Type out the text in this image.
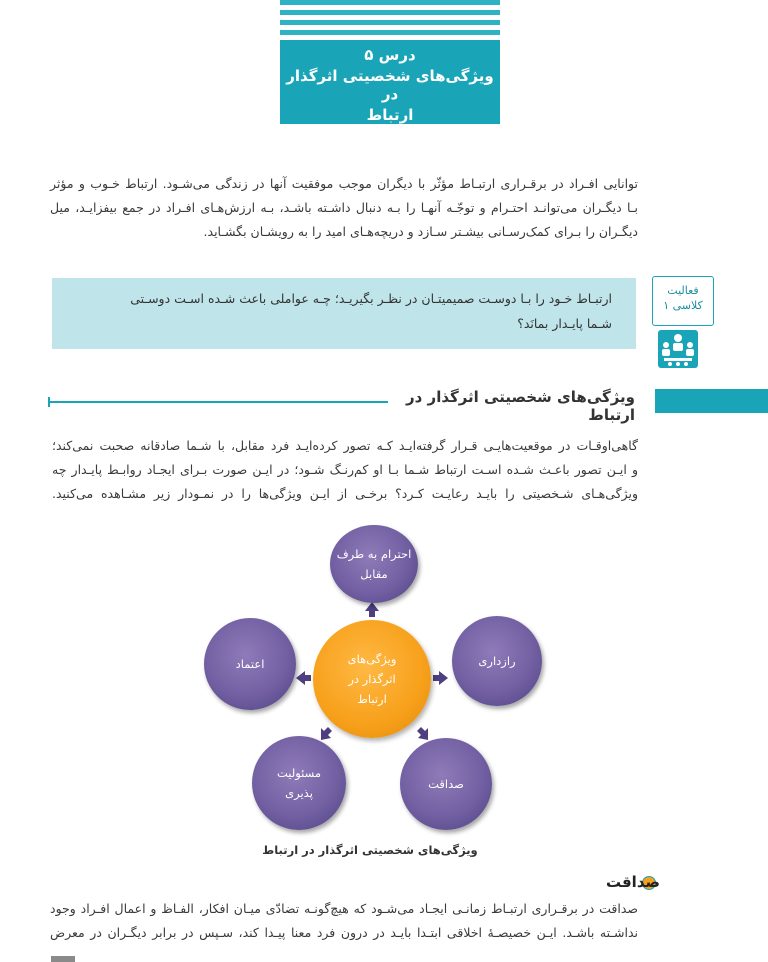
درس ۵
ویژگی‌های شخصیتی اثرگذار در
ارتباط
توانایی افـراد در برقـراری ارتبـاط مؤثّر با دیگران موجب موفقیت آنها در زندگی می‌شـود. ارتباط خـوب و مؤثر
بـا دیگـران می‌توانـد احتـرام و توجّـه آنهـا را بـه دنبال داشـته باشـد، بـه ارزش‌هـای افـراد در جمع بیفزایـد، میل
دیگـران را بـرای کمک‌رسـانی بیشـتر سـازد و دریچه‌هـای امید را به رویشـان بگشـاید.
ارتبـاط خـود را بـا دوسـت صمیمیتـان در نظـر بگیریـد؛ چـه عواملی باعث شـده اسـت دوسـتی
شـما پایـدار بمانَد؟
فعالیت
کلاسی ۱
ویژگی‌های شخصیتی اثرگذار در ارتباط
گاهی‌اوقـات در موقعیت‌هایـی قـرار گرفته‌ایـد کـه تصور کرده‌ایـد فرد مقابل، با شـما صادقانه صحبت نمی‌کند؛
و ایـن تصور باعـث شـده اسـت ارتباط شـما بـا او کم‌رنـگ شـود؛ در ایـن صورت بـرای ایجـاد روابـط پایـدار چه
ویژگی‌هـای شـخصیتی را بایـد رعایـت کـرد؟ برخـی از ایـن ویژگی‌ها را در نمـودار زیر مشـاهده می‌کنید.
ویژگی‌های
اثرگذار در
ارتباط
احترام به طرف
مقابل
رازداری
اعتماد
صداقت
مسئولیت
پذیری
ویژگی‌های شخصیتی اثرگذار در ارتباط
صداقت
صداقت در برقـراری ارتبـاط زمانـی ایجـاد می‌شـود که هیچ‌گونـه تضادّی میـان افکار، الفـاظ و اعمال افـراد وجود
نداشـته باشـد. ایـن خصیصـهٔ اخلاقی ابتـدا بایـد در درون فرد معنا پیـدا کند، سـپس در برابر دیگـران در معرض
